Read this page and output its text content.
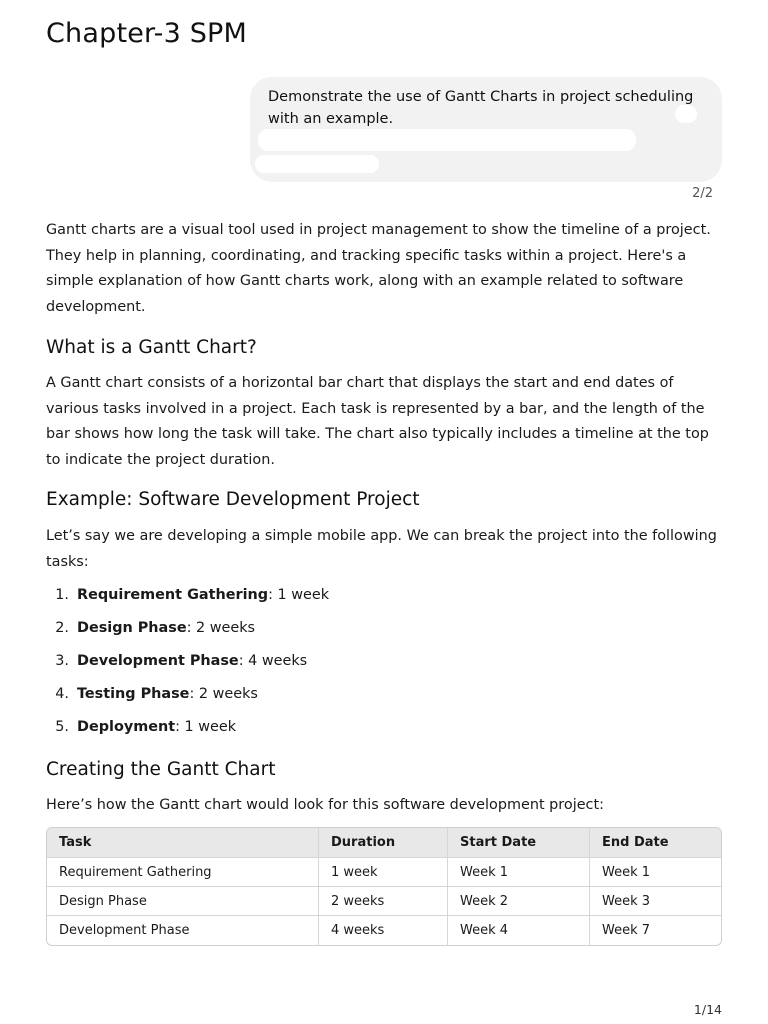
Chapter-3 SPM
Demonstrate the use of Gantt Charts in project scheduling
with an example.
2/2

Gantt charts are a visual tool used in project management to show the timeline of a project. They help in planning, coordinating, and tracking specific tasks within a project. Here's a simple explanation of how Gantt charts work, along with an example related to software development.

What is a Gantt Chart?

A Gantt chart consists of a horizontal bar chart that displays the start and end dates of various tasks involved in a project. Each task is represented by a bar, and the length of the bar shows how long the task will take. The chart also typically includes a timeline at the top to indicate the project duration.

Example: Software Development Project

Let’s say we are developing a simple mobile app. We can break the project into the following tasks:

1. Requirement Gathering : 1 week
2. Design Phase : 2 weeks
3. Development Phase : 4 weeks
4. Testing Phase : 2 weeks
5. Deployment : 1 week
Creating the Gantt Chart

Here’s how the Gantt chart would look for this software development project:

Task	Duration	Start Date	End Date
Requirement Gathering	1 week	Week 1	Week 1
Design Phase	2 weeks	Week 2	Week 3
Development Phase	4 weeks	Week 4	Week 7
1/14
